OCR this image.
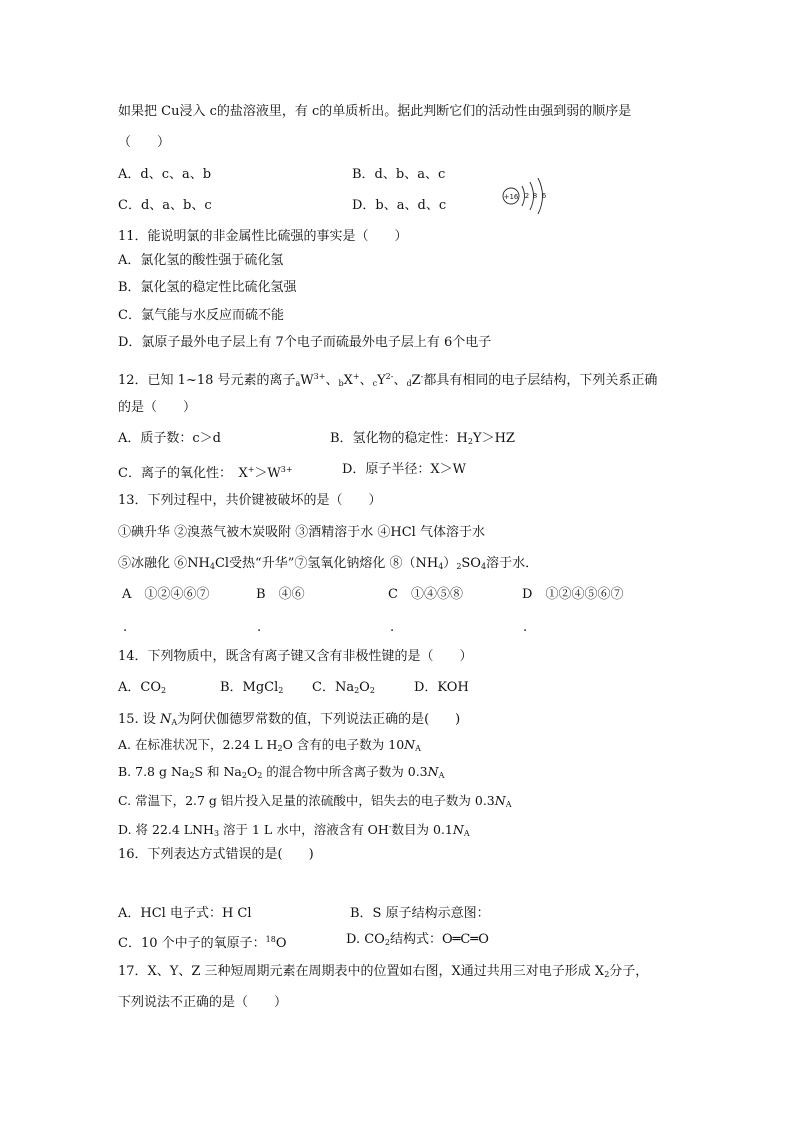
如果把 Cu浸入 c的盐溶液里，有 c的单质析出。据此判断它们的活动性由强到弱的顺序是
（　　）
A．d、c、a、b	B．d、b、a、c
C．d、a、b、c	D．b、a、d、c
11．能说明氯的非金属性比硫强的事实是（　　）
A．氯化氢的酸性强于硫化氢
B．氯化氢的稳定性比硫化氢强
C．氯气能与水反应而硫不能
D．氯原子最外电子层上有 7个电子而硫最外电子层上有 6个电子
12．已知 1~18 号元素的离子$_aW^{3+}$、$_b$X+、$_cY^{2-}$、$_d$Z-都具有相同的电子层结构，下列关系正确
的是（　　）
A．质子数：c＞d	B．氢化物的稳定性：$H_2Y>HZ$
C．离子的氧化性：　$X^+>W^{3+}$	D．原子半径：X＞W
13．下列过程中，共价键被破坏的是（　　）
①碘升华 ②溴蒸气被木炭吸附 ③酒精溶于水 ④HCl 气体溶于水
⑤冰融化 $⑥NH_4Cl$受热“升华”⑦氢氧化钠熔化 $⑧(NH_4)_2SO_4$溶于水．
A　 ①②④⑥⑦	B　 ④⑥	C　 ①④⑤⑧	D　 ①②④⑤⑥⑦
.	.	.	.
14．下列物质中，既含有离子键又含有非极性键的是（　　）
A．$CO_2$	B．MgCl$_2$ C．$Na_2O_2$	D．KOH
15. 设 $N_A$为阿伏伽德罗常数的值，下列说法正确的是(　　)
A. 在标准状况下，2.24 L $H_2O$ 含有的电子数为 $10N_A$
B. 7.8 g $Na_2S$ 和 $Na_2O_2$ 的混合物中所含离子数为 $0.3N_A$
C. 常温下，2.7 g 铝片投入足量的浓硫酸中，铝失去的电子数为 $0.3N_A$
D. 将 22.4 $LNH_3$ 溶于 1 L 水中，溶液含有 OH-数目为 $0.1N_A$
16．下列表达方式错误的是(　　)
A．HCl 电子式：H Cl	B．S 原子结构示意图：
+16 2 8 6
C．10 个中子的氧原子：$^{18}$O	D. $CO_2$结构式：O═C═O
17．X、Y、Z 三种短周期元素在周期表中的位置如右图，X通过共用三对电子形成 $X_2$分子，
下列说法不正确的是（　　）
